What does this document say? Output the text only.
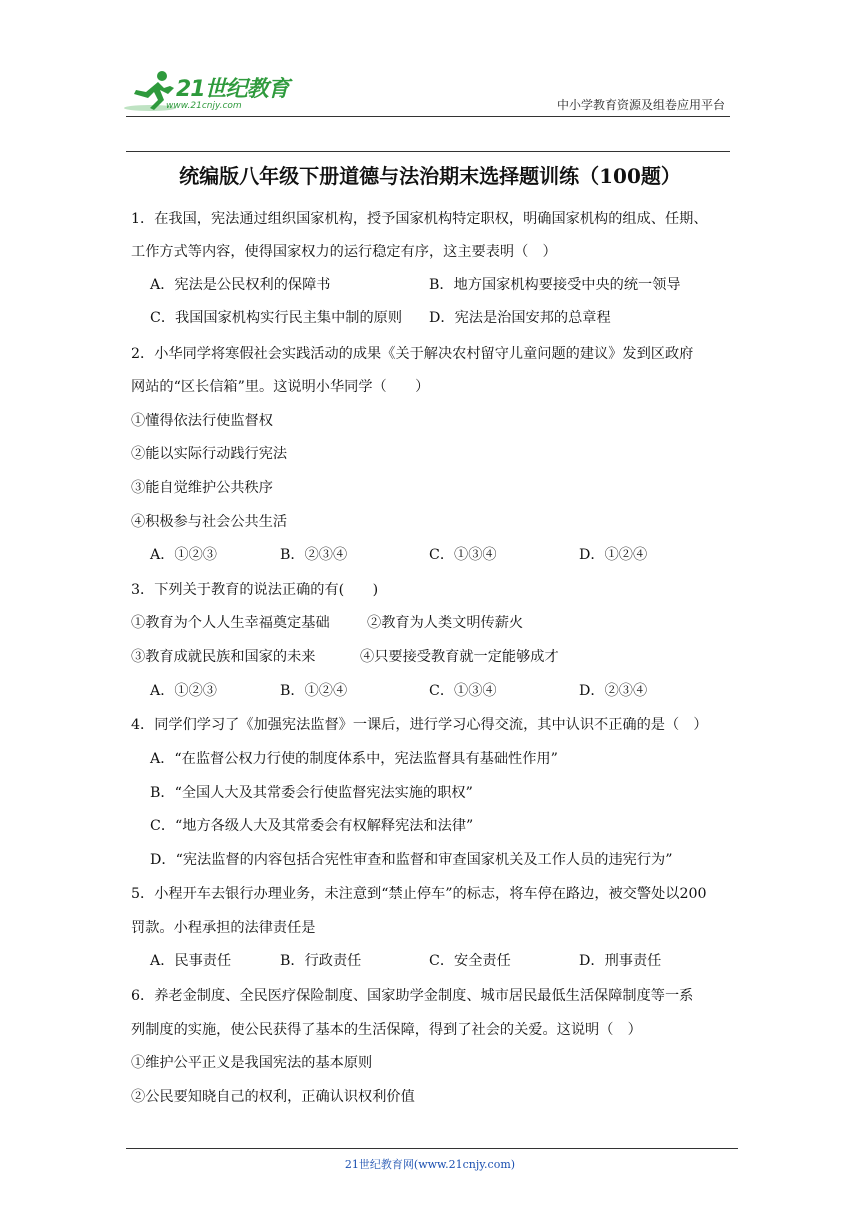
21世纪教育
www.21cnjy.com	中小学教育资源及组卷应用平台
统编版八年级下册道德与法治期末选择题训练（100题）
1．在我国，宪法通过组织国家机构，授予国家机构特定职权，明确国家机构的组成、任期、
工作方式等内容，使得国家权力的运行稳定有序，这主要表明（　）
A．宪法是公民权利的保障书	B．地方国家机构要接受中央的统一领导
C．我国国家机构实行民主集中制的原则 D．宪法是治国安邦的总章程
2．小华同学将寒假社会实践活动的成果《关于解决农村留守儿童问题的建议》发到区政府
网站的“区长信箱”里。这说明小华同学（　　）
①懂得依法行使监督权
②能以实际行动践行宪法
③能自觉维护公共秩序
④积极参与社会公共生活
A．①②③	B．②③④	C．①③④	D．①②④
3．下列关于教育的说法正确的有(　　)
①教育为个人人生幸福奠定基础	②教育为人类文明传薪火
③教育成就民族和国家的未来	④只要接受教育就一定能够成才
A．①②③	B．①②④	C．①③④	D．②③④
4．同学们学习了《加强宪法监督》一课后，进行学习心得交流，其中认识不正确的是（　）
A．“在监督公权力行使的制度体系中，宪法监督具有基础性作用”
B．“全国人大及其常委会行使监督宪法实施的职权”
C．“地方各级人大及其常委会有权解释宪法和法律”
D．“宪法监督的内容包括合宪性审查和监督和审查国家机关及工作人员的违宪行为”
5．小程开车去银行办理业务，未注意到“禁止停车”的标志，将车停在路边，被交警处以200
罚款。小程承担的法律责任是
A．民事责任	B．行政责任	C．安全责任	D．刑事责任
6．养老金制度、全民医疗保险制度、国家助学金制度、城市居民最低生活保障制度等一系
列制度的实施，使公民获得了基本的生活保障，得到了社会的关爱。这说明（　）
①维护公平正义是我国宪法的基本原则
②公民要知晓自己的权利，正确认识权利价值
21世纪教育网(www.21cnjy.com)
